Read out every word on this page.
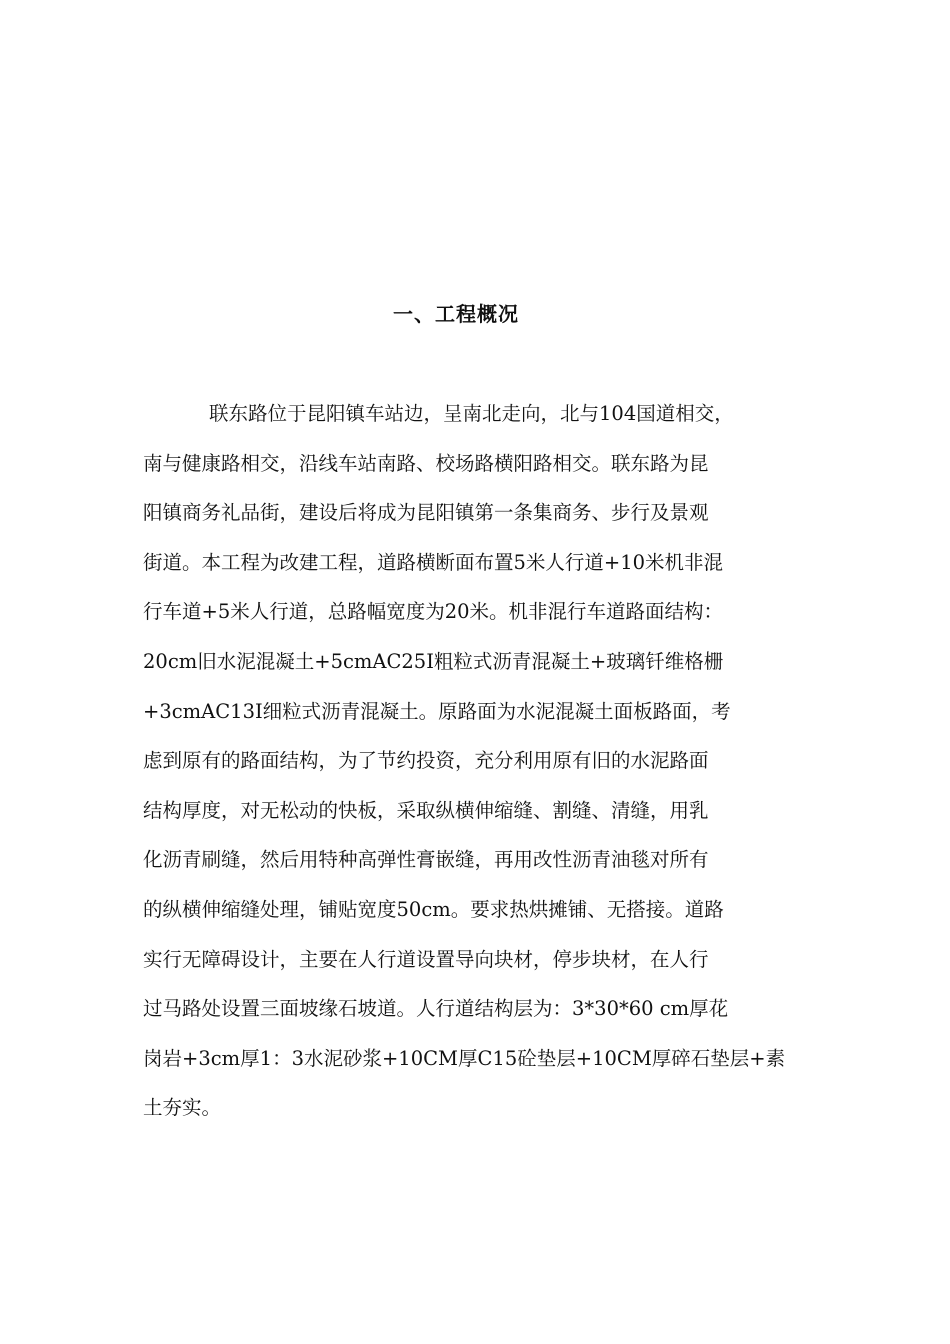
一、工程概况
联东路位于昆阳镇车站边，呈南北走向，北与104国道相交，
南与健康路相交，沿线车站南路、校场路横阳路相交。联东路为昆
阳镇商务礼品街，建设后将成为昆阳镇第一条集商务、步行及景观
街道。本工程为改建工程，道路横断面布置5米人行道+10米机非混
行车道+5米人行道，总路幅宽度为20米。机非混行车道路面结构：
20cm旧水泥混凝土+5cmAC25I粗粒式沥青混凝土+玻璃钎维格栅
+3cmAC13I细粒式沥青混凝土。原路面为水泥混凝土面板路面，考
虑到原有的路面结构，为了节约投资，充分利用原有旧的水泥路面
结构厚度，对无松动的快板，采取纵横伸缩缝、割缝、清缝，用乳
化沥青刷缝，然后用特种高弹性膏嵌缝，再用改性沥青油毯对所有
的纵横伸缩缝处理，铺贴宽度50cm。要求热烘摊铺、无搭接。道路
实行无障碍设计，主要在人行道设置导向块材，停步块材，在人行
过马路处设置三面坡缘石坡道。人行道结构层为：3*30*60 cm厚花
岗岩+3cm厚1：3水泥砂浆+10CM厚C15砼垫层+10CM厚碎石垫层+素
土夯实。
